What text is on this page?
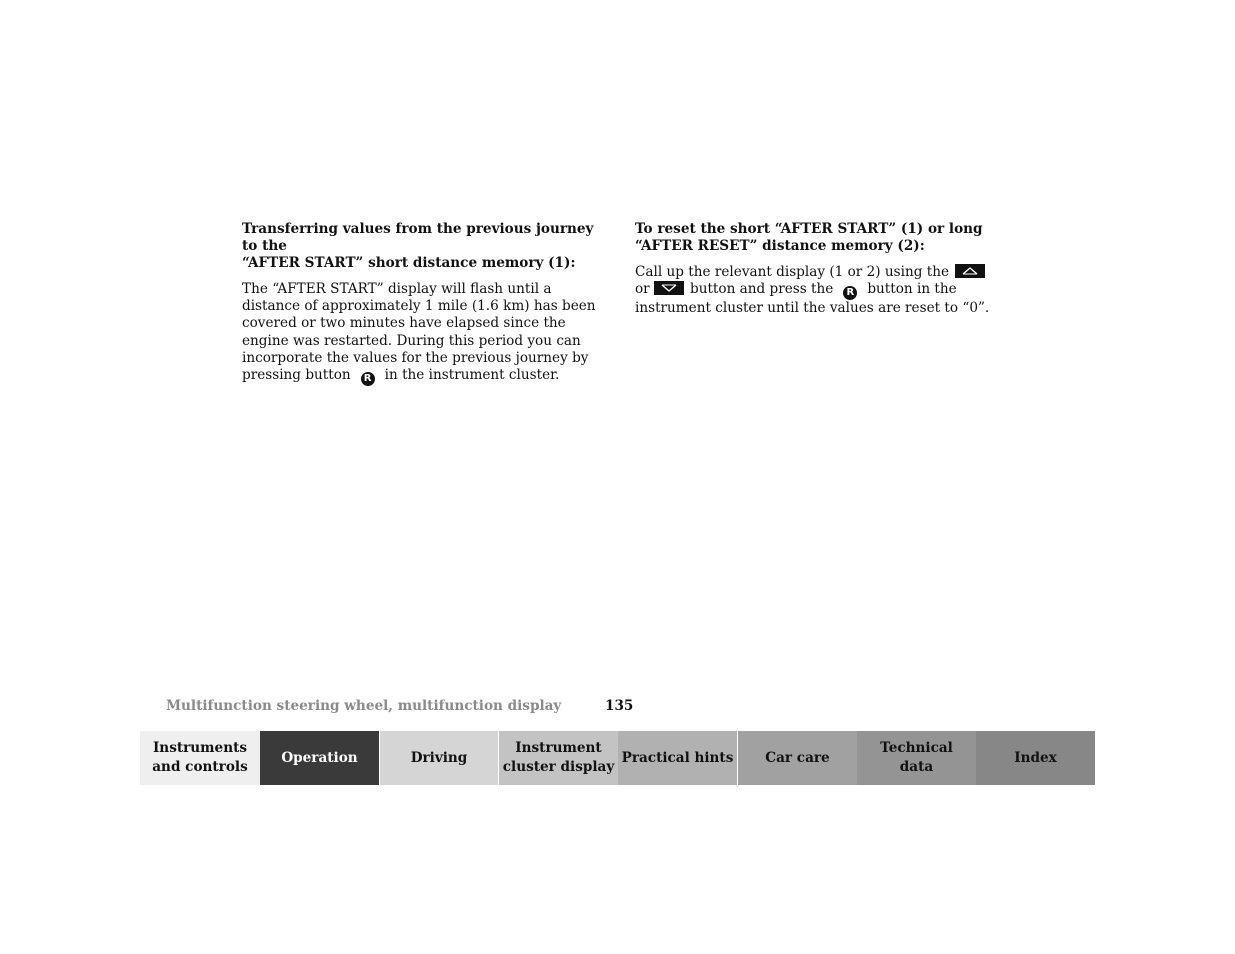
Transferring values from the previous journey to the
“AFTER START” short distance memory (1):

The “AFTER START” display will flash until a distance of approximately 1 mile (1.6 km) has been covered or two minutes have elapsed since the engine was restarted. During this period you can incorporate the values for the previous journey by pressing button R in the instrument cluster.

To reset the short “AFTER START” (1) or long
“AFTER RESET” distance memory (2):

Call up the relevant display (1 or 2) using the
or	button and press the R button in the instrument cluster until the values are reset to “0”.

Multifunction steering wheel, multifunction display	135
Instruments
and controls
Operation	Driving
Instrument
cluster display
Practical hints Car care
Technical
data
Index
